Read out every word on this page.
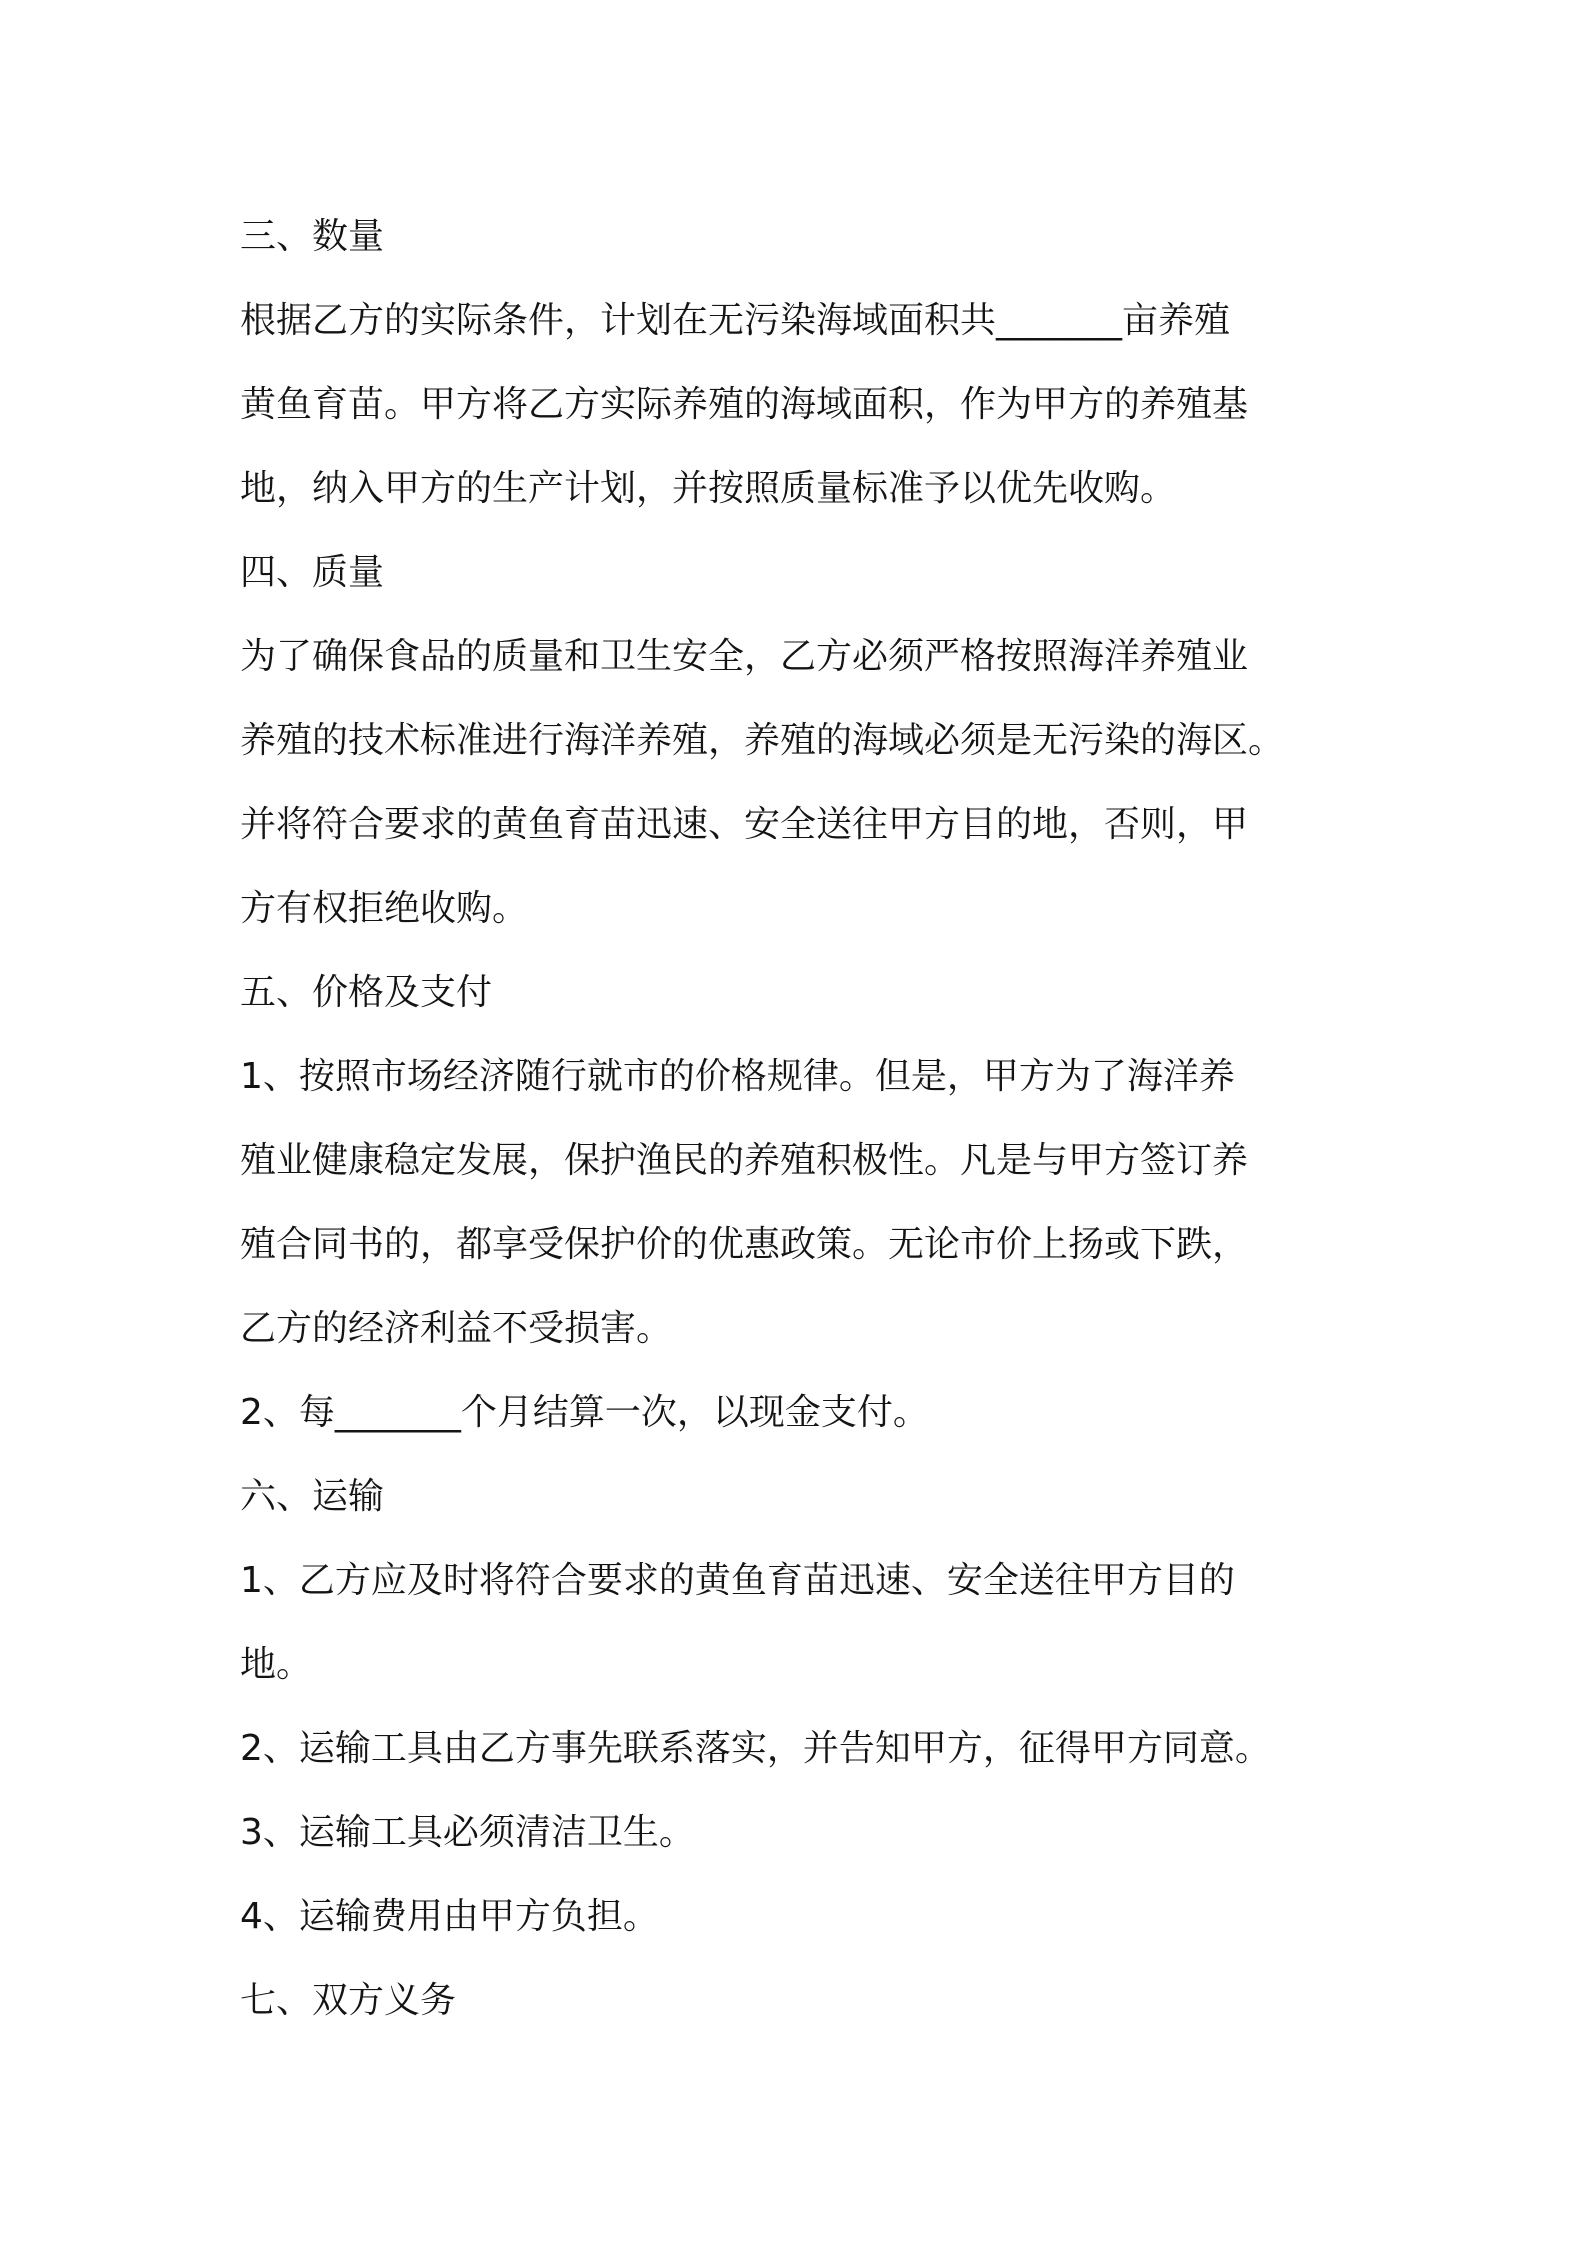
三、数量

根据乙方的实际条件，计划在无污染海域面积共_______亩养殖

黄鱼育苗。甲方将乙方实际养殖的海域面积，作为甲方的养殖基

地，纳入甲方的生产计划，并按照质量标准予以优先收购。

四、质量

为了确保食品的质量和卫生安全，乙方必须严格按照海洋养殖业

养殖的技术标准进行海洋养殖，养殖的海域必须是无污染的海区。

并将符合要求的黄鱼育苗迅速、安全送往甲方目的地，否则，甲

方有权拒绝收购。

五、价格及支付

1、按照市场经济随行就市的价格规律。但是，甲方为了海洋养

殖业健康稳定发展，保护渔民的养殖积极性。凡是与甲方签订养

殖合同书的，都享受保护价的优惠政策。无论市价上扬或下跌，

乙方的经济利益不受损害。

2、每_______个月结算一次，以现金支付。

六、运输

1、乙方应及时将符合要求的黄鱼育苗迅速、安全送往甲方目的

地。

2、运输工具由乙方事先联系落实，并告知甲方，征得甲方同意。

3、运输工具必须清洁卫生。

4、运输费用由甲方负担。

七、双方义务
